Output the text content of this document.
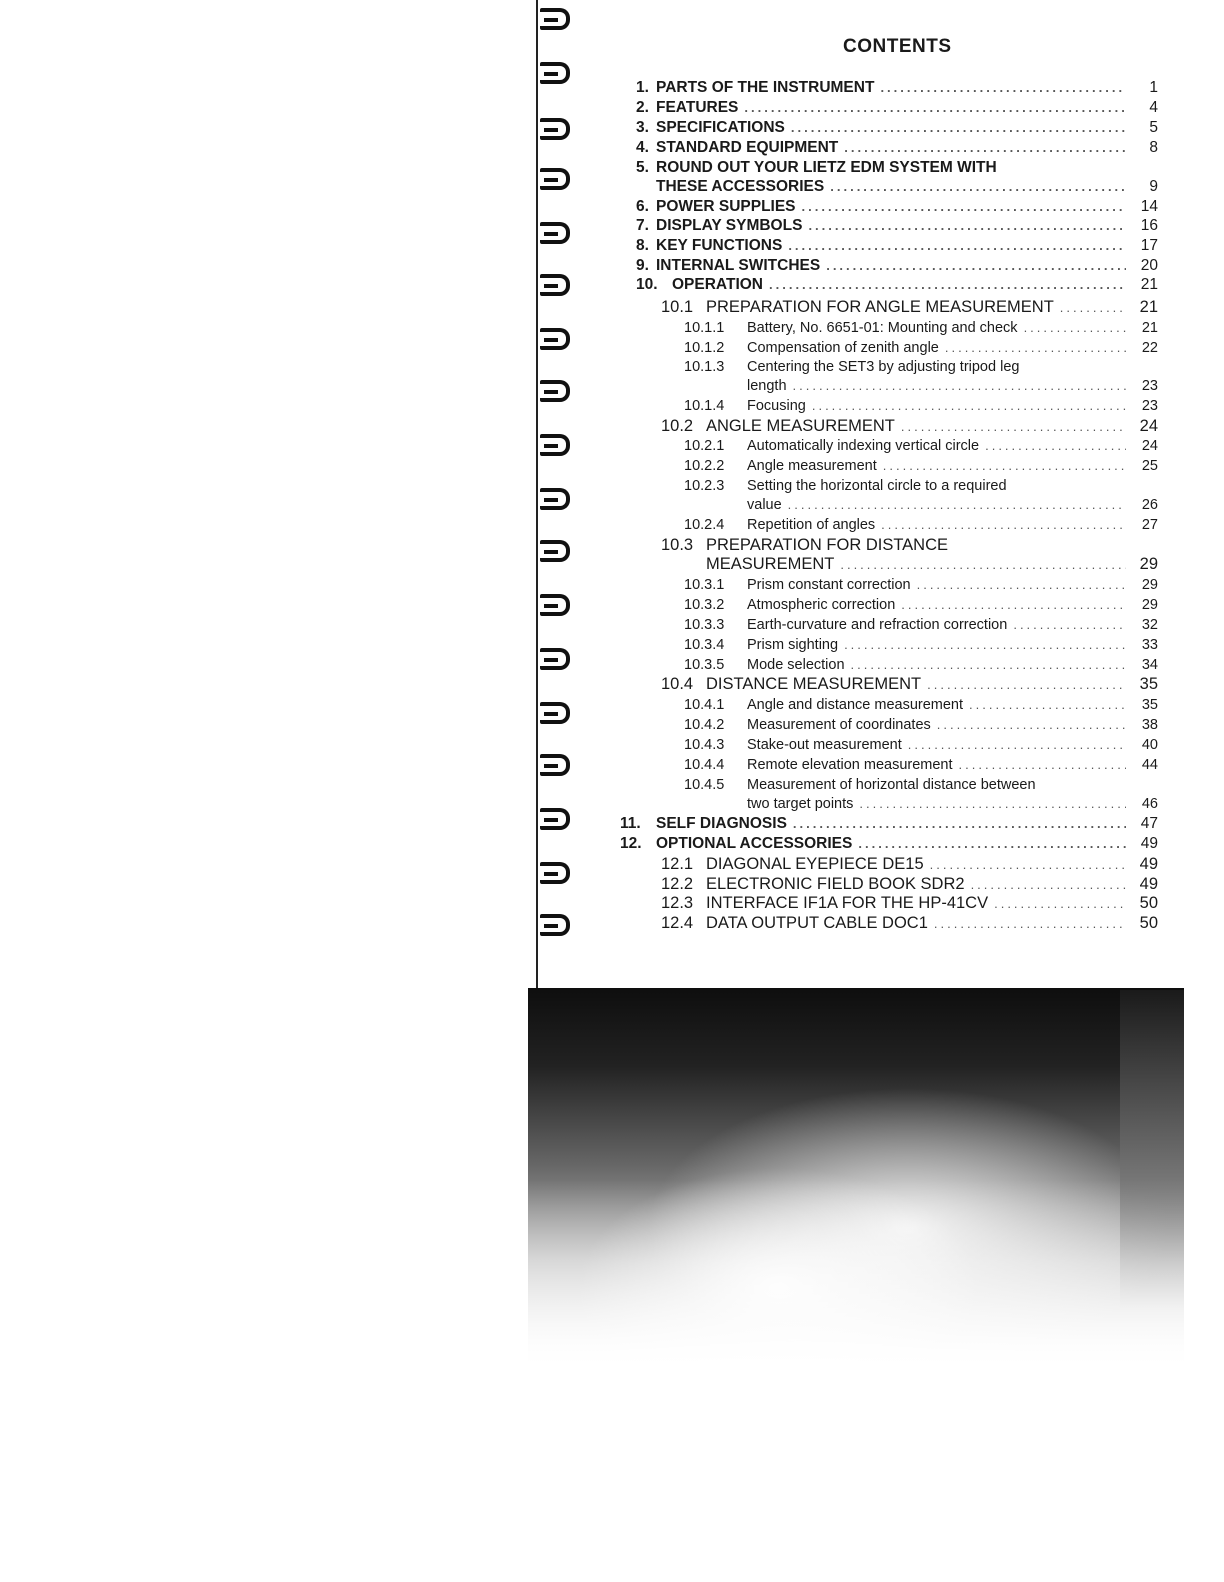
CONTENTS
1. PARTS OF THE INSTRUMENT .....	1
2. FEATURES .....	4
3. SPECIFICATIONS .....	5
4. STANDARD EQUIPMENT .....	8
5. ROUND OUT YOUR LIETZ EDM SYSTEM WITH
THESE ACCESSORIES .....	9
6. POWER SUPPLIES .....	14
7. DISPLAY SYMBOLS .....	16
8. KEY FUNCTIONS .....	17
9. INTERNAL SWITCHES .....	20
10. OPERATION .....	21
10.1 PREPARATION FOR ANGLE MEASUREMENT .....	21
10.1.1	Battery, No. 6651-01: Mounting and check .....	21
10.1.2	Compensation of zenith angle .....	22
10.1.3	Centering the SET3 by adjusting tripod leg
length .....	23
10.1.4	Focusing .....	23
10.2 ANGLE MEASUREMENT .....	24
10.2.1	Automatically indexing vertical circle .....	24
10.2.2	Angle measurement .....	25
10.2.3	Setting the horizontal circle to a required
value .....	26
10.2.4	Repetition of angles .....	27
10.3 PREPARATION FOR DISTANCE
MEASUREMENT .....	29
10.3.1	Prism constant correction .....	29
10.3.2	Atmospheric correction .....	29
10.3.3	Earth-curvature and refraction correction .....	32
10.3.4	Prism sighting .....	33
10.3.5	Mode selection .....	34
10.4 DISTANCE MEASUREMENT .....	35
10.4.1	Angle and distance measurement .....	35
10.4.2	Measurement of coordinates .....	38
10.4.3	Stake-out measurement .....	40
10.4.4	Remote elevation measurement .....	44
10.4.5	Measurement of horizontal distance between
two target points .....	46
11. SELF DIAGNOSIS .....	47
12. OPTIONAL ACCESSORIES .....	49
12.1 DIAGONAL EYEPIECE DE15 .....	49
12.2 ELECTRONIC FIELD BOOK SDR2 .....	49
12.3 INTERFACE IF1A FOR THE HP-41CV .....	50
12.4 DATA OUTPUT CABLE DOC1 .....	50
